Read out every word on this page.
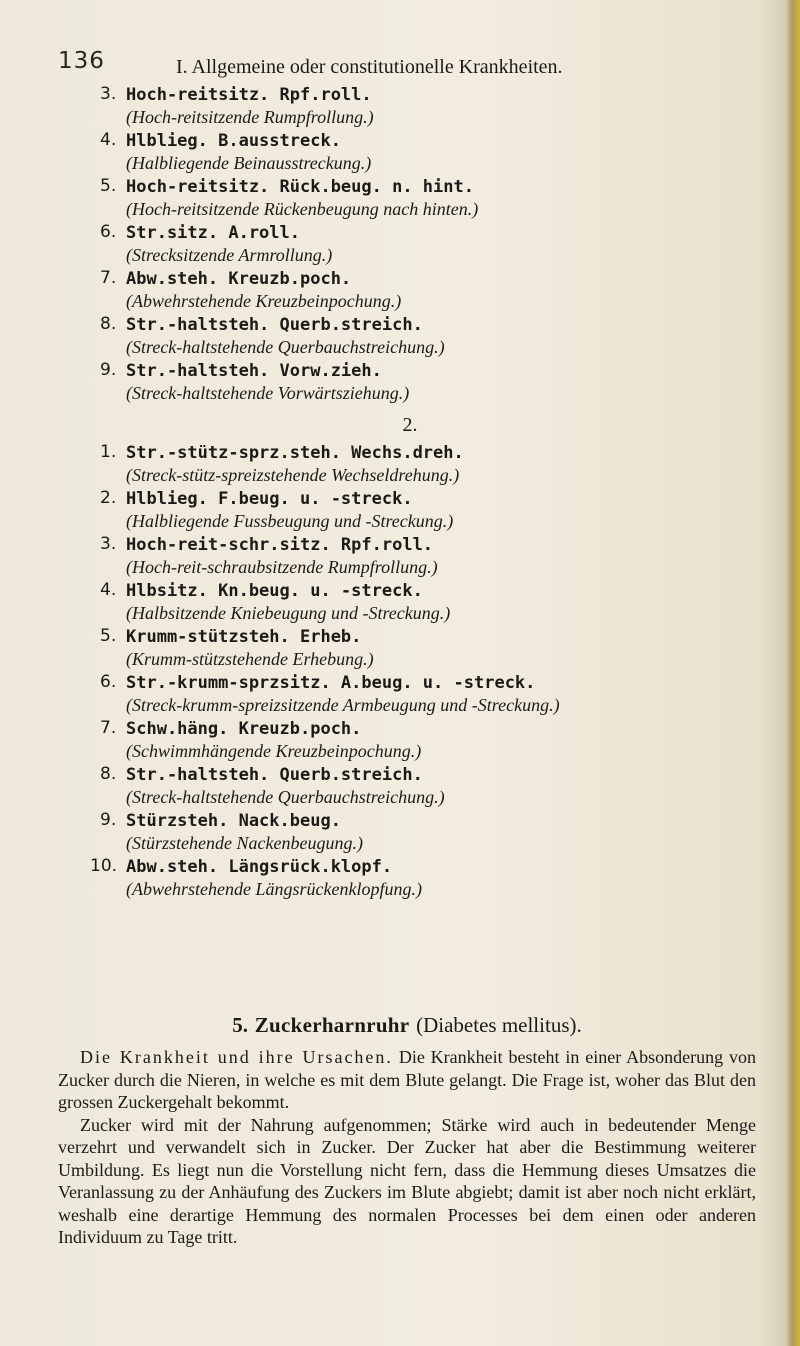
136	I. Allgemeine oder constitutionelle Krankheiten.
3. Hoch-reitsitz. Rpf.roll.
(Hoch-reitsitzende Rumpfrollung.)
4. Hlblieg. B.ausstreck.
(Halbliegende Beinausstreckung.)
5. Hoch-reitsitz. Rück.beug. n. hint.
(Hoch-reitsitzende Rückenbeugung nach hinten.)
6. Str.sitz. A.roll.
(Strecksitzende Armrollung.)
7. Abw.steh. Kreuzb.poch.
(Abwehrstehende Kreuzbeinpochung.)
8. Str.-haltsteh. Querb.streich.
(Streck-haltstehende Querbauchstreichung.)
9. Str.-haltsteh. Vorw.zieh.
(Streck-haltstehende Vorwärtsziehung.)
2.
1. Str.-stütz-sprz.steh. Wechs.dreh.
(Streck-stütz-spreizstehende Wechseldrehung.)
2. Hlblieg. F.beug. u. -streck.
(Halbliegende Fussbeugung und -Streckung.)
3. Hoch-reit-schr.sitz. Rpf.roll.
(Hoch-reit-schraubsitzende Rumpfrollung.)
4. Hlbsitz. Kn.beug. u. -streck.
(Halbsitzende Kniebeugung und -Streckung.)
5. Krumm-stützsteh. Erheb.
(Krumm-stützstehende Erhebung.)
6. Str.-krumm-sprzsitz. A.beug. u. -streck.
(Streck-krumm-spreizsitzende Armbeugung und -Streckung.)
7. Schw.häng. Kreuzb.poch.
(Schwimmhängende Kreuzbeinpochung.)
8. Str.-haltsteh. Querb.streich.
(Streck-haltstehende Querbauchstreichung.)
9. Stürzsteh. Nack.beug.
(Stürzstehende Nackenbeugung.)
10. Abw.steh. Längsrück.klopf.
(Abwehrstehende Längsrückenklopfung.)
5. Zuckerharnruhr (Diabetes mellitus).

Die Krankheit und ihre Ursachen. Die Krankheit besteht in einer Absonderung von Zucker durch die Nieren, in welche es mit dem Blute gelangt. Die Frage ist, woher das Blut den grossen Zuckergehalt bekommt.

Zucker wird mit der Nahrung aufgenommen; Stärke wird auch in bedeutender Menge verzehrt und verwandelt sich in Zucker. Der Zucker hat aber die Bestimmung weiterer Umbildung. Es liegt nun die Vorstellung nicht fern, dass die Hemmung dieses Umsatzes die Veranlassung zu der Anhäufung des Zuckers im Blute abgiebt; damit ist aber noch nicht erklärt, weshalb eine derartige Hemmung des normalen Processes bei dem einen oder anderen Individuum zu Tage tritt.
